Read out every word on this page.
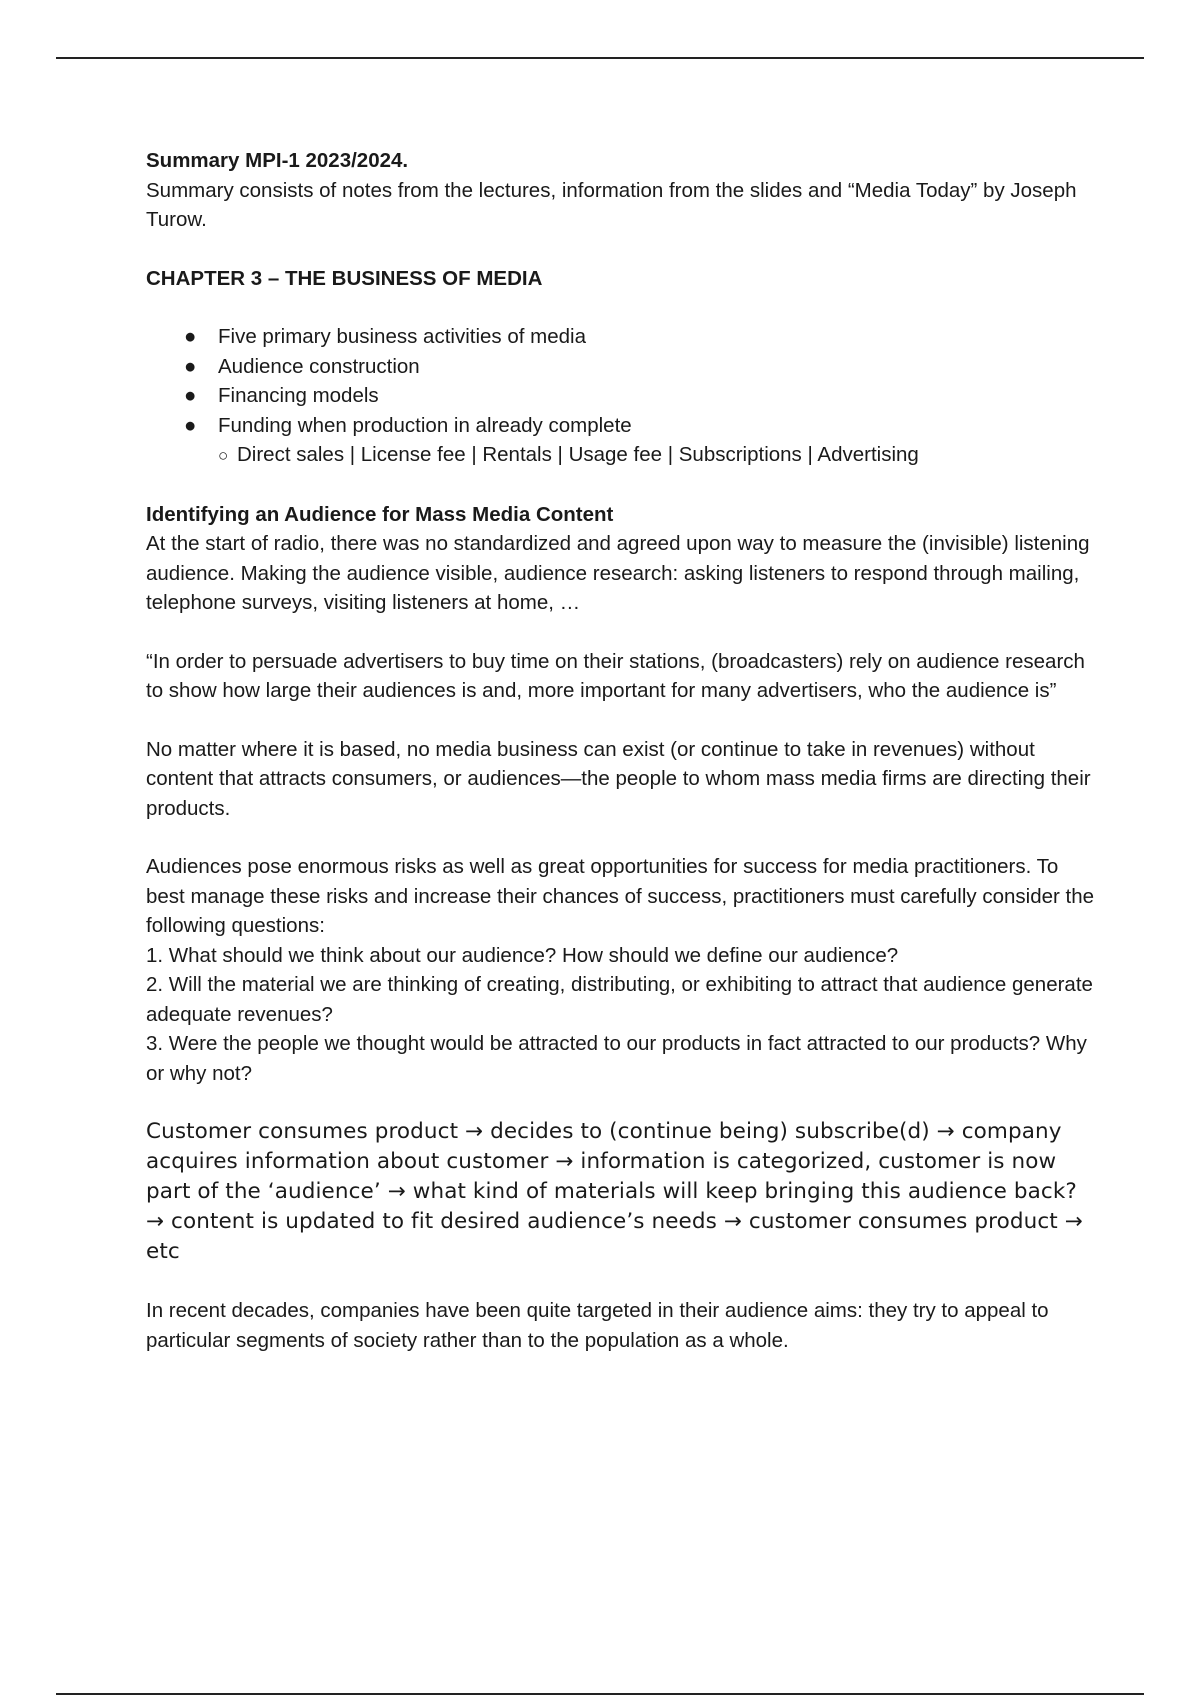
Summary MPI-1 2023/2024.

Summary consists of notes from the lectures, information from the slides and “Media Today” by Joseph Turow.

CHAPTER 3 – THE BUSINESS OF MEDIA

● Five primary business activities of media
● Audience construction
● Financing models
● Funding when production in already complete

○ Direct sales | License fee | Rentals | Usage fee | Subscriptions | Advertising

Identifying an Audience for Mass Media Content

At the start of radio, there was no standardized and agreed upon way to measure the (invisible) listening audience. Making the audience visible, audience research: asking listeners to respond through mailing, telephone surveys, visiting listeners at home, …

“In order to persuade advertisers to buy time on their stations, (broadcasters) rely on audience research to show how large their audiences is and, more important for many advertisers, who the audience is”

No matter where it is based, no media business can exist (or continue to take in revenues) without content that attracts consumers, or audiences—the people to whom mass media firms are directing their products.

Audiences pose enormous risks as well as great opportunities for success for media practitioners. To best manage these risks and increase their chances of success, practitioners must carefully consider the following questions:

1. What should we think about our audience? How should we define our audience?

2. Will the material we are thinking of creating, distributing, or exhibiting to attract that audience generate adequate revenues?

3. Were the people we thought would be attracted to our products in fact attracted to our products? Why or why not?

Customer consumes product → decides to (continue being) subscribe(d) → company acquires information about customer → information is categorized, customer is now part of the ‘audience’ → what kind of materials will keep bringing this audience back? → content is updated to fit desired audience’s needs → customer consumes product → etc

In recent decades, companies have been quite targeted in their audience aims: they try to appeal to particular segments of society rather than to the population as a whole.
